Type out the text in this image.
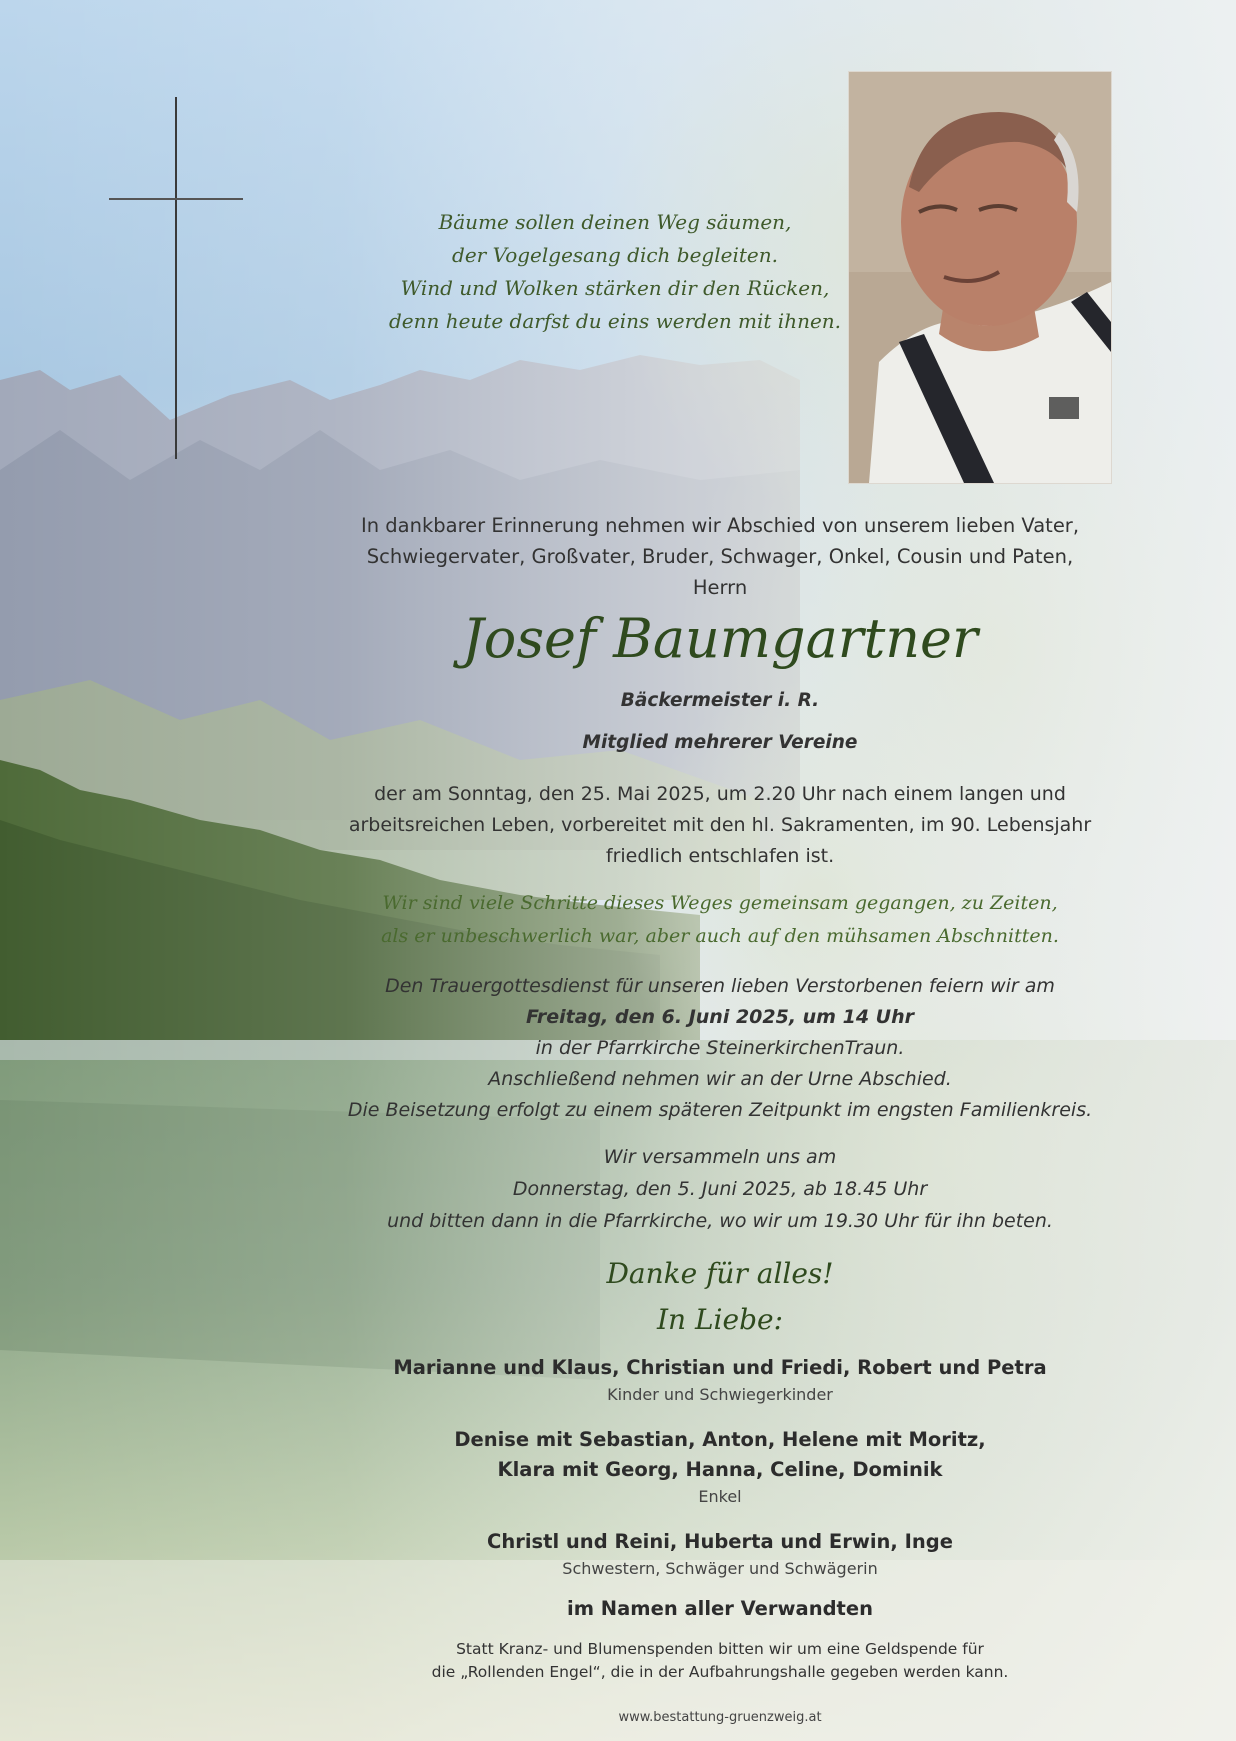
Bäume sollen deinen Weg säumen,
der Vogelgesang dich begleiten.
Wind und Wolken stärken dir den Rücken,
denn heute darfst du eins werden mit ihnen.
In dankbarer Erinnerung nehmen wir Abschied von unserem lieben Vater,
Schwiegervater, Großvater, Bruder, Schwager, Onkel, Cousin und Paten,
Herrn
Josef Baumgartner
Bäckermeister i. R.
Mitglied mehrerer Vereine
der am Sonntag, den 25. Mai 2025, um 2.20 Uhr nach einem langen und
arbeitsreichen Leben, vorbereitet mit den hl. Sakramenten, im 90. Lebensjahr
friedlich entschlafen ist.
Wir sind viele Schritte dieses Weges gemeinsam gegangen, zu Zeiten,
als er unbeschwerlich war, aber auch auf den mühsamen Abschnitten.
Den Trauergottesdienst für unseren lieben Verstorbenen feiern wir am
Freitag, den 6. Juni 2025, um 14 Uhr
in der Pfarrkirche SteinerkirchenTraun.
Anschließend nehmen wir an der Urne Abschied.
Die Beisetzung erfolgt zu einem späteren Zeitpunkt im engsten Familienkreis.
Wir versammeln uns am
Donnerstag, den 5. Juni 2025, ab 18.45 Uhr
und bitten dann in die Pfarrkirche, wo wir um 19.30 Uhr für ihn beten.
Danke für alles!
In Liebe:
Marianne und Klaus, Christian und Friedi, Robert und Petra
Kinder und Schwiegerkinder
Denise mit Sebastian, Anton, Helene mit Moritz,
Klara mit Georg, Hanna, Celine, Dominik
Enkel
Christl und Reini, Huberta und Erwin, Inge
Schwestern, Schwäger und Schwägerin
im Namen aller Verwandten
Statt Kranz- und Blumenspenden bitten wir um eine Geldspende für
die „Rollenden Engel“, die in der Aufbahrungshalle gegeben werden kann.
www.bestattung-gruenzweig.at
